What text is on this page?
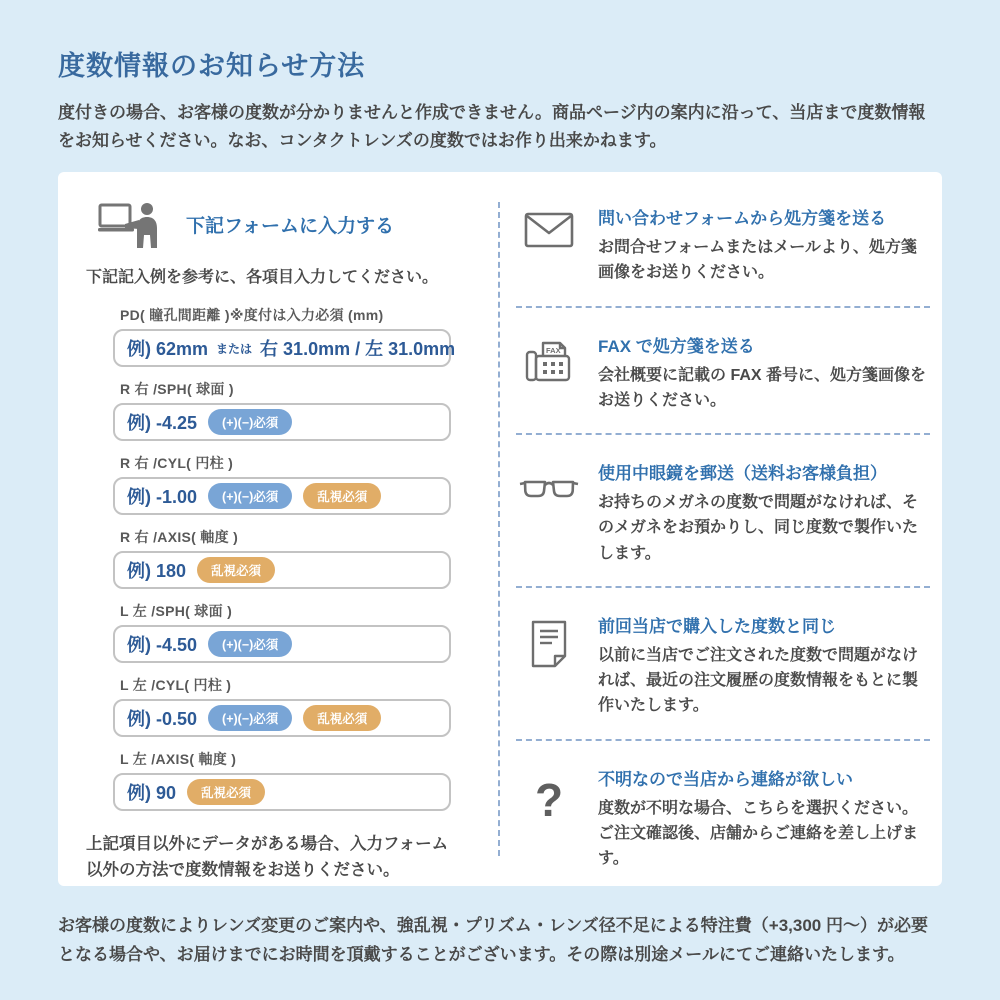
度数情報のお知らせ方法

度付きの場合、お客様の度数が分かりませんと作成できません。商品ページ内の案内に沿って、当店まで度数情報をお知らせください。なお、コンタクトレンズの度数ではお作り出来かねます。

下記フォームに入力する

下記記入例を参考に、各項目入力してください。

PD( 瞳孔間距離 )※度付は入力必須 (mm)
例) 62mm または 右 31.0mm / 左 31.0mm
R 右 /SPH( 球面 )
例) -4.25	(+)(−)必須
R 右 /CYL( 円柱 )
例) -1.00	(+)(−)必須	乱視必須
R 右 /AXIS( 軸度 )
例) 180	乱視必須
L 左 /SPH( 球面 )
例) -4.50	(+)(−)必須
L 左 /CYL( 円柱 )
例) -0.50	(+)(−)必須	乱視必須
L 左 /AXIS( 軸度 )
例) 90	乱視必須

上記項目以外にデータがある場合、入力フォーム以外の方法で度数情報をお送りください。

問い合わせフォームから処方箋を送る
お問合せフォームまたはメールより、処方箋画像をお送りください。
FAX FAX で処方箋を送る
会社概要に記載の FAX 番号に、処方箋画像をお送りください。
使用中眼鏡を郵送（送料お客様負担）
お持ちのメガネの度数で問題がなければ、そのメガネをお預かりし、同じ度数で製作いたします。
前回当店で購入した度数と同じ
以前に当店でご注文された度数で問題がなければ、最近の注文履歴の度数情報をもとに製作いたします。
? 不明なので当店から連絡が欲しい
度数が不明な場合、こちらを選択ください。ご注文確認後、店舗からご連絡を差し上げます。

お客様の度数によりレンズ変更のご案内や、強乱視・プリズム・レンズ径不足による特注費（+3,300 円～）が必要となる場合や、お届けまでにお時間を頂戴することがございます。その際は別途メールにてご連絡いたします。
